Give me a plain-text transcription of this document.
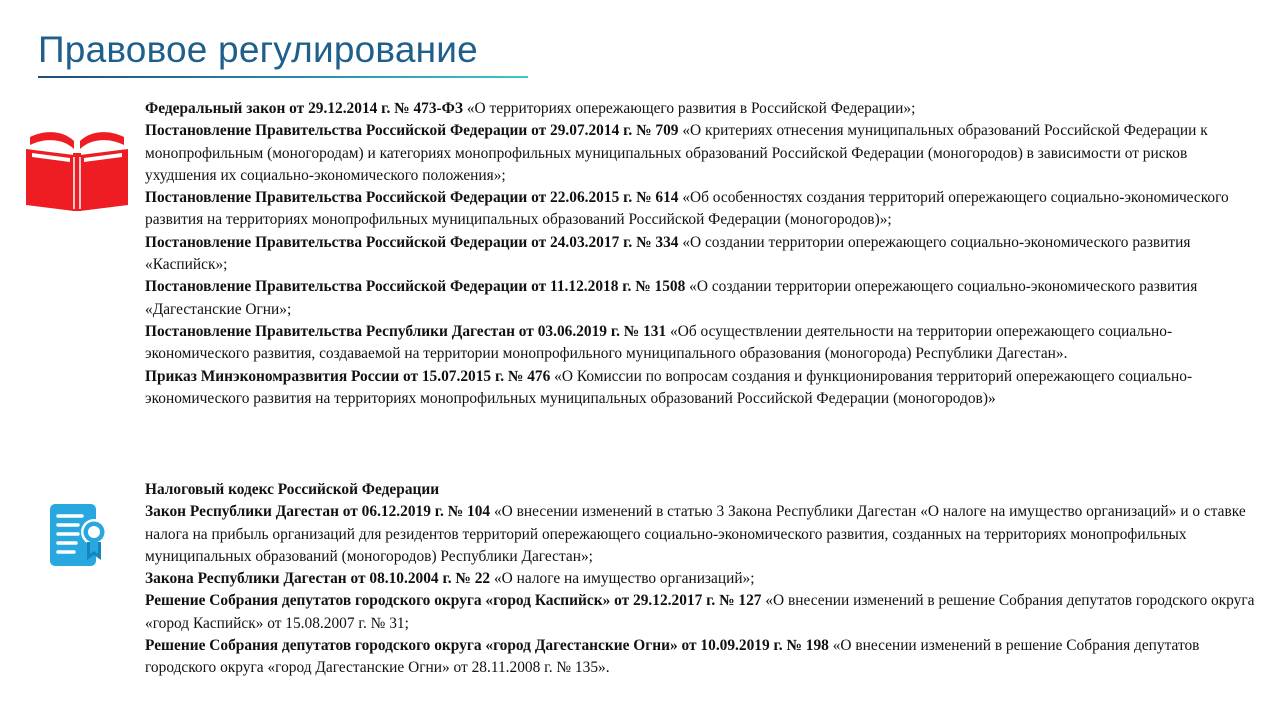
Правовое регулирование

Федеральный закон от 29.12.2014 г. № 473-ФЗ «О территориях опережающего развития в Российской Федерации»;

Постановление Правительства Российской Федерации от 29.07.2014 г. № 709 «О критериях отнесения муниципальных образований Российской Федерации к монопрофильным (моногородам) и категориях монопрофильных муниципальных образований Российской Федерации (моногородов) в зависимости от рисков ухудшения их социально-экономического положения»;

Постановление Правительства Российской Федерации от 22.06.2015 г. № 614 «Об особенностях создания территорий опережающего социально-экономического развития на территориях монопрофильных муниципальных образований Российской Федерации (моногородов)»;

Постановление Правительства Российской Федерации от 24.03.2017 г. № 334 «О создании территории опережающего социально-экономического развития «Каспийск»;

Постановление Правительства Российской Федерации от 11.12.2018 г. № 1508 «О создании территории опережающего социально-экономического развития «Дагестанские Огни»;

Постановление Правительства Республики Дагестан от 03.06.2019 г. № 131 «Об осуществлении деятельности на территории опережающего социально-экономического развития, создаваемой на территории монопрофильного муниципального образования (моногорода) Республики Дагестан».

Приказ Минэкономразвития России от 15.07.2015 г. № 476 «О Комиссии по вопросам создания и функционирования территорий опережающего социально-экономического развития на территориях монопрофильных муниципальных образований Российской Федерации (моногородов)»

Налоговый кодекс Российской Федерации

Закон Республики Дагестан от 06.12.2019 г. № 104 «О внесении изменений в статью 3 Закона Республики Дагестан «О налоге на имущество организаций» и о ставке налога на прибыль организаций для резидентов территорий опережающего социально-экономического развития, созданных на территориях монопрофильных муниципальных образований (моногородов) Республики Дагестан»;

Закона Республики Дагестан от 08.10.2004 г. № 22 «О налоге на имущество организаций»;

Решение Собрания депутатов городского округа «город Каспийск» от 29.12.2017 г. № 127 «О внесении изменений в решение Собрания депутатов городского округа «город Каспийск» от 15.08.2007 г. № 31;

Решение Собрания депутатов городского округа «город Дагестанские Огни» от 10.09.2019 г. № 198 «О внесении изменений в решение Собрания депутатов городского округа «город Дагестанские Огни» от 28.11.2008 г. № 135».
